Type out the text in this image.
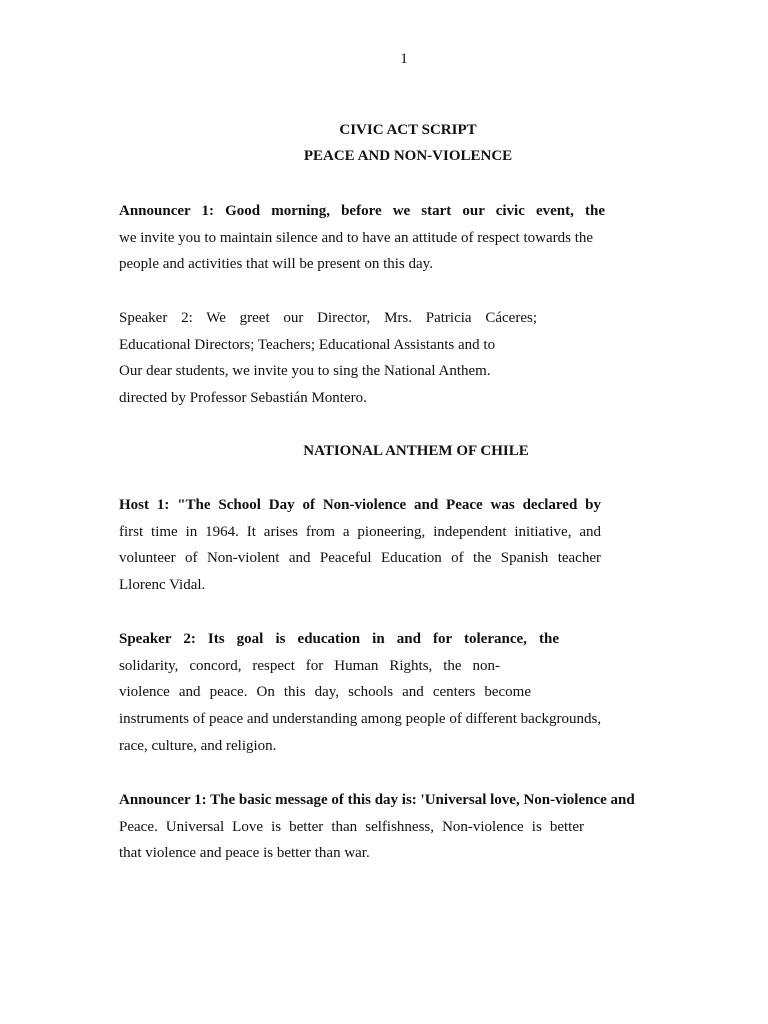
1
CIVIC ACT SCRIPT
PEACE AND NON-VIOLENCE
Announcer 1: Good morning, before we start our civic event, the
we invite you to maintain silence and to have an attitude of respect towards the
people and activities that will be present on this day.
Speaker 2: We greet our Director, Mrs. Patricia Cáceres;
Educational Directors; Teachers; Educational Assistants and to
Our dear students, we invite you to sing the National Anthem.
directed by Professor Sebastián Montero.
NATIONAL ANTHEM OF CHILE
Host 1: "The School Day of Non-violence and Peace was declared by
first time in 1964. It arises from a pioneering, independent initiative, and
volunteer of Non-violent and Peaceful Education of the Spanish teacher
Llorenc Vidal.
Speaker 2: Its goal is education in and for tolerance, the
solidarity, concord, respect for Human Rights, the non-
violence and peace. On this day, schools and centers become
instruments of peace and understanding among people of different backgrounds,
race, culture, and religion.
Announcer 1: The basic message of this day is: 'Universal love, Non-violence and
Peace. Universal Love is better than selfishness, Non-violence is better
that violence and peace is better than war.
